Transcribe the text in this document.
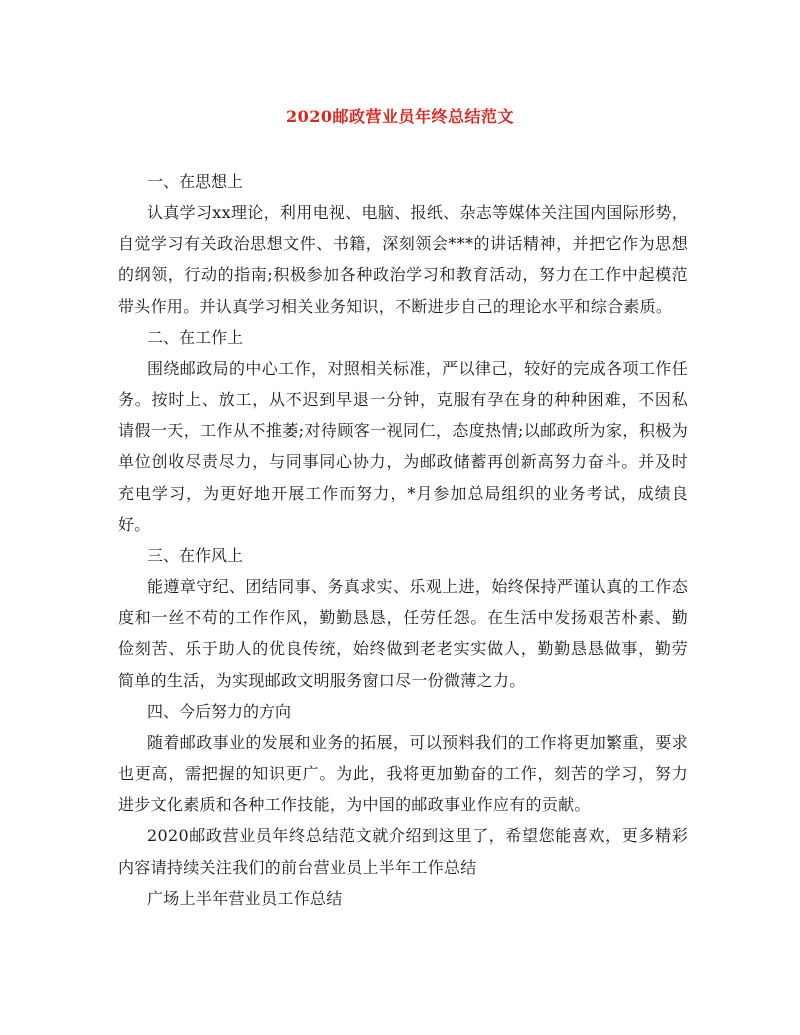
2020邮政营业员年终总结范文

一、在思想上

认真学习xx理论，利用电视、电脑、报纸、杂志等媒体关注国内国际形势，自觉学习有关政治思想文件、书籍，深刻领会***的讲话精神，并把它作为思想的纲领，行动的指南;积极参加各种政治学习和教育活动，努力在工作中起模范带头作用。并认真学习相关业务知识，不断进步自己的理论水平和综合素质。

二、在工作上

围绕邮政局的中心工作，对照相关标准，严以律己，较好的完成各项工作任务。按时上、放工，从不迟到早退一分钟，克服有孕在身的种种困难，不因私请假一天，工作从不推萎;对待顾客一视同仁，态度热情;以邮政所为家，积极为单位创收尽责尽力，与同事同心协力，为邮政储蓄再创新高努力奋斗。并及时充电学习，为更好地开展工作而努力，*月参加总局组织的业务考试，成绩良好。

三、在作风上

能遵章守纪、团结同事、务真求实、乐观上进，始终保持严谨认真的工作态度和一丝不苟的工作作风，勤勤恳恳，任劳任怨。在生活中发扬艰苦朴素、勤俭刻苦、乐于助人的优良传统，始终做到老老实实做人，勤勤恳恳做事，勤劳简单的生活，为实现邮政文明服务窗口尽一份微薄之力。

四、今后努力的方向

随着邮政事业的发展和业务的拓展，可以预料我们的工作将更加繁重，要求也更高，需把握的知识更广。为此，我将更加勤奋的工作，刻苦的学习，努力进步文化素质和各种工作技能，为中国的邮政事业作应有的贡献。

2020邮政营业员年终总结范文就介绍到这里了，希望您能喜欢，更多精彩内容请持续关注我们的前台营业员上半年工作总结

广场上半年营业员工作总结
